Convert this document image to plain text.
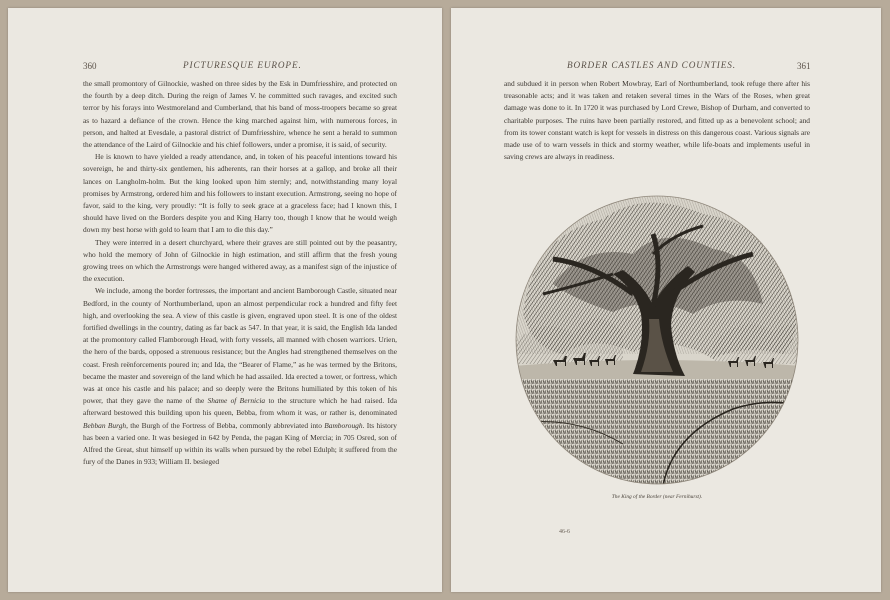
360	PICTURESQUE EUROPE.

the small promontory of Gilnockie, washed on three sides by the Esk in Dumfriesshire, and protected on the fourth by a deep ditch. During the reign of James V. he committed such ravages, and excited such terror by his forays into Westmoreland and Cumberland, that his band of moss-troopers became so great as to hazard a defiance of the crown. Hence the king marched against him, with numerous forces, in person, and halted at Evesdale, a pastoral district of Dumfriesshire, whence he sent a herald to summon the attendance of the Laird of Gilnockie and his chief followers, under a promise, it is said, of security.

He is known to have yielded a ready attendance, and, in token of his peaceful intentions toward his sovereign, he and thirty-six gentlemen, his adherents, ran their horses at a gallop, and broke all their lances on Langholm-holm. But the king looked upon him sternly; and, notwithstanding many loyal promises by Armstrong, ordered him and his followers to instant execution. Armstrong, seeing no hope of favor, said to the king, very proudly: “It is folly to seek grace at a graceless face; had I known this, I should have lived on the Borders despite you and King Harry too, though I know that he would weigh down my best horse with gold to learn that I am to die this day.”

They were interred in a desert churchyard, where their graves are still pointed out by the peasantry, who hold the memory of John of Gilnockie in high estimation, and still affirm that the fresh young growing trees on which the Armstrongs were hanged withered away, as a manifest sign of the injustice of the execution.

We include, among the border fortresses, the important and ancient Bamborough Castle, situated near Bedford, in the county of Northumberland, upon an almost perpendicular rock a hundred and fifty feet high, and overlooking the sea. A view of this castle is given, engraved upon steel. It is one of the oldest fortified dwellings in the country, dating as far back as 547. In that year, it is said, the English Ida landed at the promontory called Flamborough Head, with forty vessels, all manned with chosen warriors. Urien, the hero of the bards, opposed a strenuous resistance; but the Angles had strengthened themselves on the coast. Fresh reënforcements poured in; and Ida, the “Bearer of Flame,” as he was termed by the Britons, became the master and sovereign of the land which he had assailed. Ida erected a tower, or fortress, which was at once his castle and his palace; and so deeply were the Britons humiliated by this token of his power, that they gave the name of the Shame of Bernicia to the structure which he had raised. Ida afterward bestowed this building upon his queen, Bebba, from whom it was, or rather is, denominated Bebban Burgh, the Burgh of the Fortress of Bebba, commonly abbreviated into Bamborough. Its history has been a varied one. It was besieged in 642 by Penda, the pagan King of Mercia; in 705 Osred, son of Alfred the Great, shut himself up within its walls when pursued by the rebel Edulph; it suffered from the fury of the Danes in 933; William II. besieged

BORDER CASTLES AND COUNTIES.	361

and subdued it in person when Robert Mowbray, Earl of Northumberland, took refuge there after his treasonable acts; and it was taken and retaken several times in the Wars of the Roses, when great damage was done to it. In 1720 it was purchased by Lord Crewe, Bishop of Durham, and converted to charitable purposes. The ruins have been partially restored, and fitted up as a benevolent school; and from its tower constant watch is kept for vessels in distress on this dangerous coast. Various signals are made use of to warn vessels in thick and stormy weather, while life-boats and implements useful in saving crews are always in readiness.

The King of the Border (near Fernihurst).
46-6
